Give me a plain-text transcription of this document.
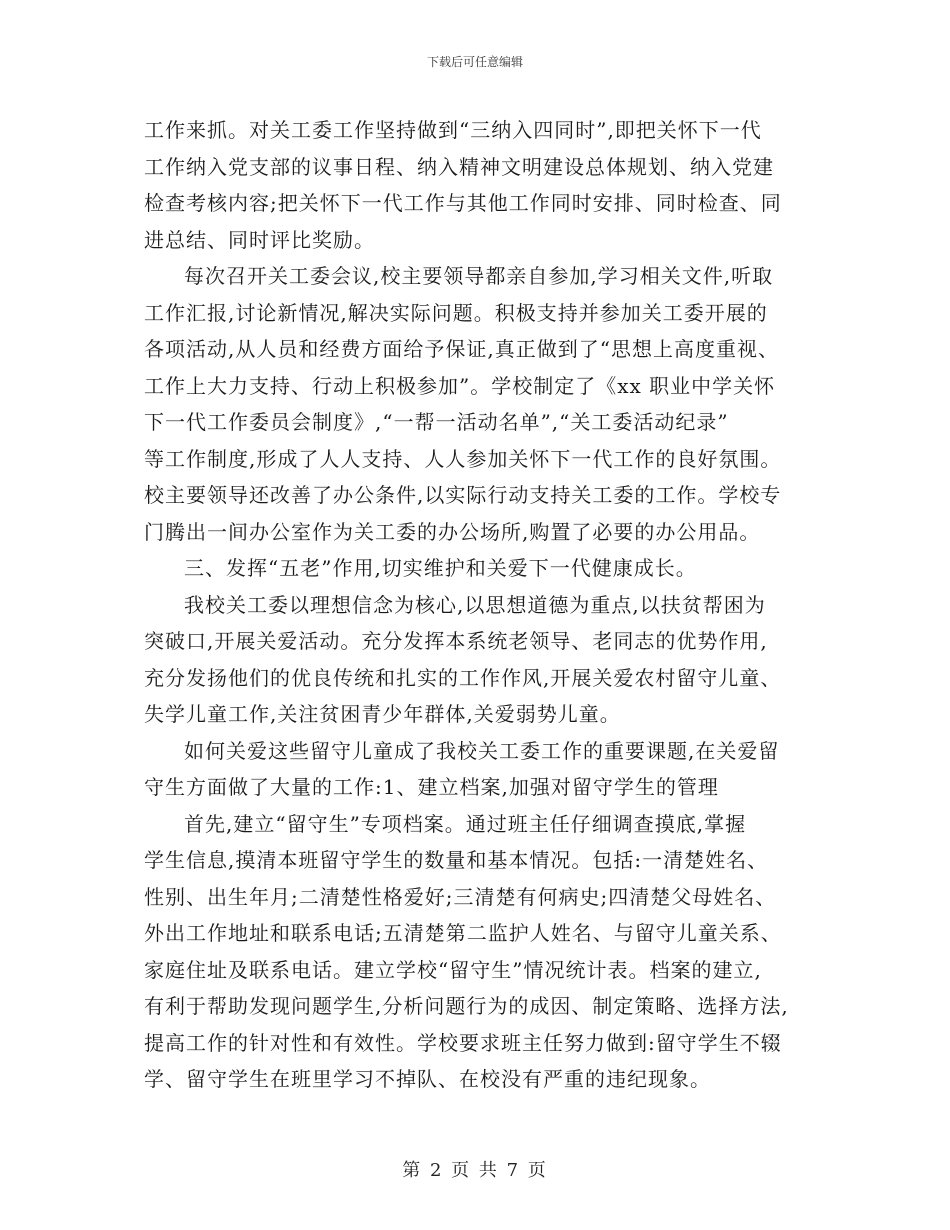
下载后可任意编辑
工作来抓。对关工委工作坚持做到“三纳入四同时”,即把关怀下一代
工作纳入党支部的议事日程、纳入精神文明建设总体规划、纳入党建
检查考核内容;把关怀下一代工作与其他工作同时安排、同时检查、同
进总结、同时评比奖励。
每次召开关工委会议,校主要领导都亲自参加,学习相关文件,听取
工作汇报,讨论新情况,解决实际问题。积极支持并参加关工委开展的
各项活动,从人员和经费方面给予保证,真正做到了“思想上高度重视、
工作上大力支持、行动上积极参加”。学校制定了《xx 职业中学关怀
下一代工作委员会制度》,“一帮一活动名单”,“关工委活动纪录”
等工作制度,形成了人人支持、人人参加关怀下一代工作的良好氛围。
校主要领导还改善了办公条件,以实际行动支持关工委的工作。学校专
门腾出一间办公室作为关工委的办公场所,购置了必要的办公用品。
三、发挥“五老”作用,切实维护和关爱下一代健康成长。
我校关工委以理想信念为核心,以思想道德为重点,以扶贫帮困为
突破口,开展关爱活动。充分发挥本系统老领导、老同志的优势作用,
充分发扬他们的优良传统和扎实的工作作风,开展关爱农村留守儿童、
失学儿童工作,关注贫困青少年群体,关爱弱势儿童。
如何关爱这些留守儿童成了我校关工委工作的重要课题,在关爱留
守生方面做了大量的工作:1、建立档案,加强对留守学生的管理
首先,建立“留守生”专项档案。通过班主任仔细调查摸底,掌握
学生信息,摸清本班留守学生的数量和基本情况。包括:一清楚姓名、
性别、出生年月;二清楚性格爱好;三清楚有何病史;四清楚父母姓名、
外出工作地址和联系电话;五清楚第二监护人姓名、与留守儿童关系、
家庭住址及联系电话。建立学校“留守生”情况统计表。档案的建立,
有利于帮助发现问题学生,分析问题行为的成因、制定策略、选择方法,
提高工作的针对性和有效性。学校要求班主任努力做到:留守学生不辍
学、留守学生在班里学习不掉队、在校没有严重的违纪现象。
第 2 页 共 7 页
